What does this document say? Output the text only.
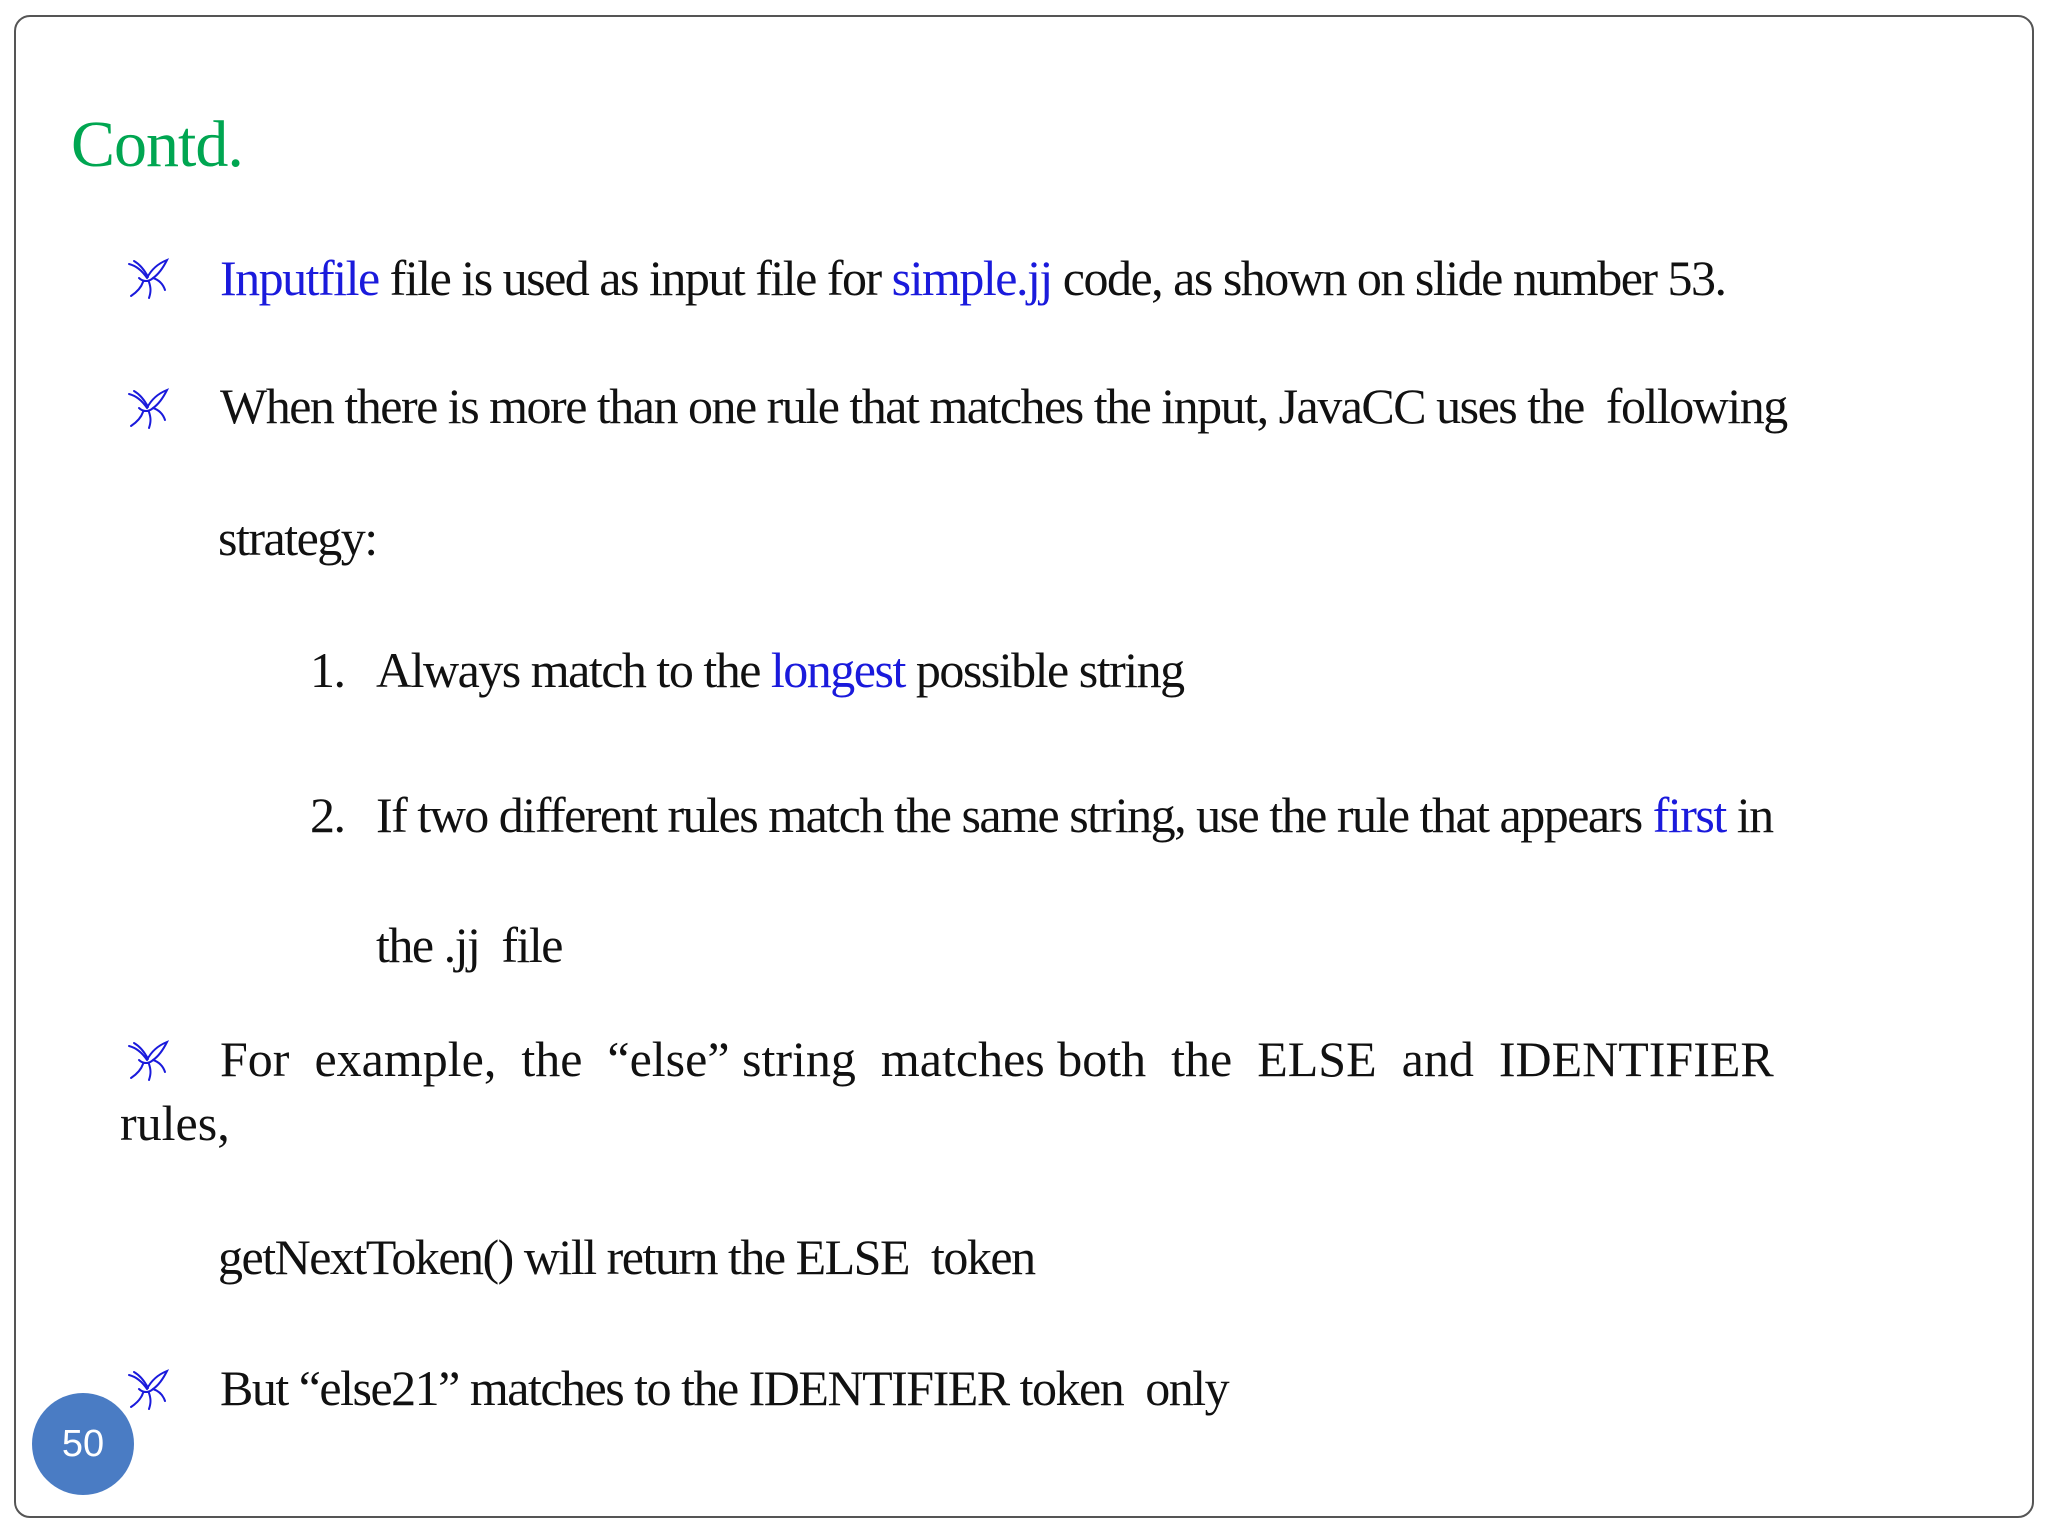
Contd.
Inputfile file is used as input file for simple.jj code, as shown on slide number 53.
When there is more than one rule that matches the input, JavaCC uses the  following
strategy:
1. Always match to the longest possible string
2. If two different rules match the same string, use the rule that appears first in
the .jj  file
For  example,  the  “else” string  matches both  the  ELSE  and  IDENTIFIER
rules,
getNextToken() will return the ELSE  token
But “else21” matches to the IDENTIFIER token  only
50
